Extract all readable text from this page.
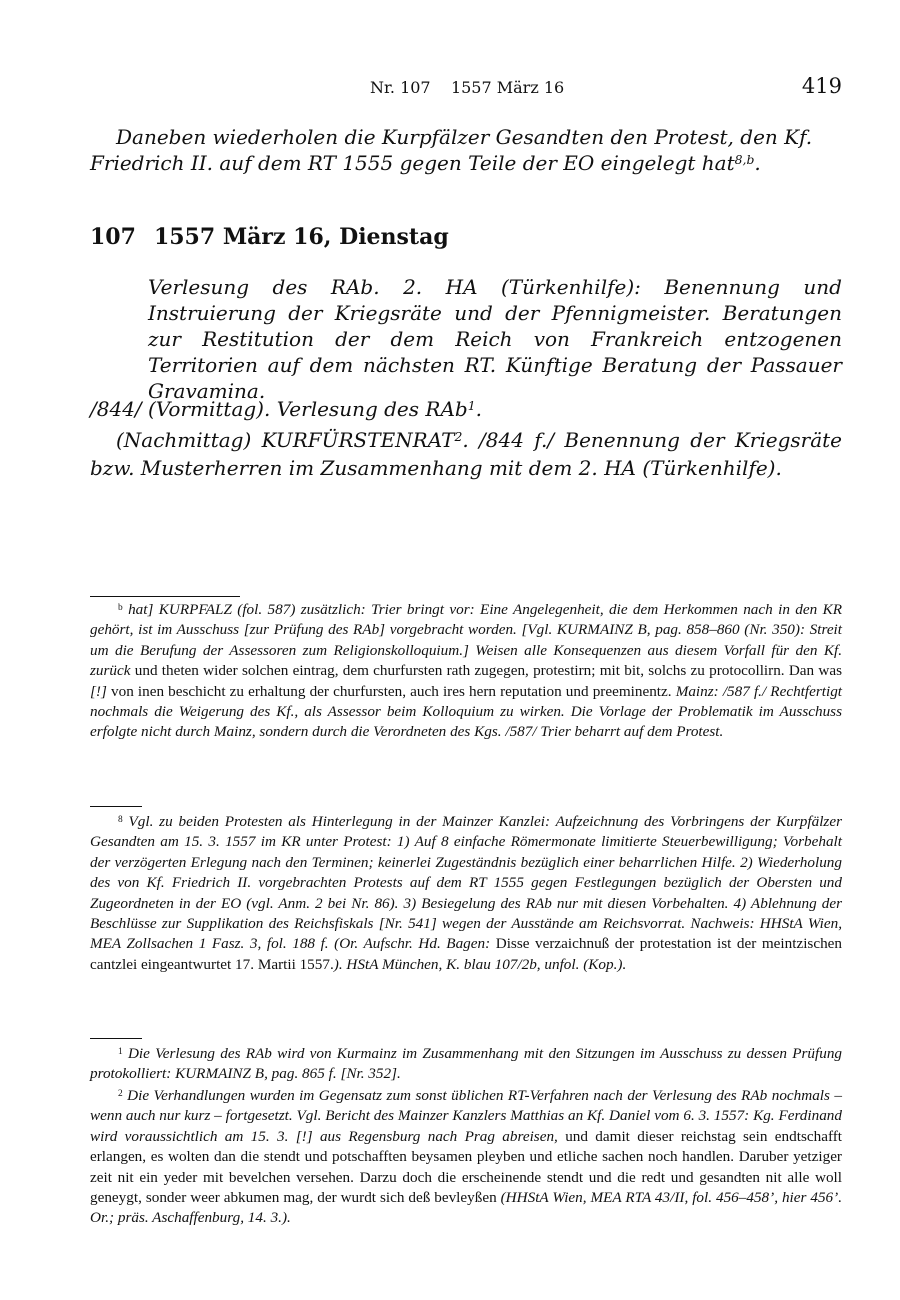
Nr. 107    1557 März 16	419

Daneben wiederholen die Kurpfälzer Gesandten den Protest, den Kf. Friedrich II. auf dem RT 1555 gegen Teile der EO eingelegt hat$^{8,b}$.

107 1557 März 16, Dienstag

Verlesung des RAb. 2. HA (Türkenhilfe): Benennung und Instruierung der Kriegsräte und der Pfennigmeister. Beratungen zur Restitution der dem Reich von Frankreich entzogenen Territorien auf dem nächsten RT. Künftige Beratung der Passauer Gravamina.

/844/ (Vormittag). Verlesung des RAb$^1$.

(Nachmittag) KURFÜRSTENRAT$^2$. /844 f./ Benennung der Kriegsräte bzw. Musterherren im Zusammenhang mit dem 2. HA (Türkenhilfe).

$^b$ hat] KURPFALZ (fol. 587) zusätzlich: Trier bringt vor: Eine Angelegenheit, die dem Herkommen nach in den KR gehört, ist im Ausschuss [zur Prüfung des RAb] vorgebracht worden. [Vgl. KURMAINZ B, pag. 858–860 (Nr. 350): Streit um die Berufung der Assessoren zum Religionskolloquium.] Weisen alle Konsequenzen aus diesem Vorfall für den Kf. zurück und theten wider solchen eintrag, dem churfursten rath zugegen, protestirn; mit bit, solchs zu protocollirn. Dan was [!] von inen beschicht zu erhaltung der churfursten, auch ires hern reputation und preeminentz. Mainz: /587 f./ Rechtfertigt nochmals die Weigerung des Kf., als Assessor beim Kolloquium zu wirken. Die Vorlage der Problematik im Ausschuss erfolgte nicht durch Mainz, sondern durch die Verordneten des Kgs. /587/ Trier beharrt auf dem Protest.

$^8$ Vgl. zu beiden Protesten als Hinterlegung in der Mainzer Kanzlei: Aufzeichnung des Vorbringens der Kurpfälzer Gesandten am 15. 3. 1557 im KR unter Protest: 1) Auf 8 einfache Römermonate limitierte Steuerbewilligung; Vorbehalt der verzögerten Erlegung nach den Terminen; keinerlei Zugeständnis bezüglich einer beharrlichen Hilfe. 2) Wiederholung des von Kf. Friedrich II. vorgebrachten Protests auf dem RT 1555 gegen Festlegungen bezüglich der Obersten und Zugeordneten in der EO (vgl. Anm. 2 bei Nr. 86). 3) Besiegelung des RAb nur mit diesen Vorbehalten. 4) Ablehnung der Beschlüsse zur Supplikation des Reichsfiskals [Nr. 541] wegen der Ausstände am Reichsvorrat. Nachweis: HHStA Wien, MEA Zollsachen 1 Fasz. 3, fol. 188 f. (Or. Aufschr. Hd. Bagen: Disse verzaichnuß der protestation ist der meintzischen cantzlei eingeantwurtet 17. Martii 1557.). HStA München, K. blau 107/2b, unfol. (Kop.).

$^1$ Die Verlesung des RAb wird von Kurmainz im Zusammenhang mit den Sitzungen im Ausschuss zu dessen Prüfung protokolliert: KURMAINZ B, pag. 865 f. [Nr. 352].

$^2$ Die Verhandlungen wurden im Gegensatz zum sonst üblichen RT-Verfahren nach der Verlesung des RAb nochmals – wenn auch nur kurz – fortgesetzt. Vgl. Bericht des Mainzer Kanzlers Matthias an Kf. Daniel vom 6. 3. 1557: Kg. Ferdinand wird voraussichtlich am 15. 3. [!] aus Regensburg nach Prag abreisen, und damit dieser reichstag sein endtschafft erlangen, es wolten dan die stendt und potschafften beysamen pleyben und etliche sachen noch handlen. Daruber yetziger zeit nit ein yeder mit bevelchen versehen. Darzu doch die erscheinende stendt und die redt und gesandten nit alle woll geneygt, sonder weer abkumen mag, der wurdt sich deß bevleyßen (HHStA Wien, MEA RTA 43/II, fol. 456–458’, hier 456’. Or.; präs. Aschaffenburg, 14. 3.).
